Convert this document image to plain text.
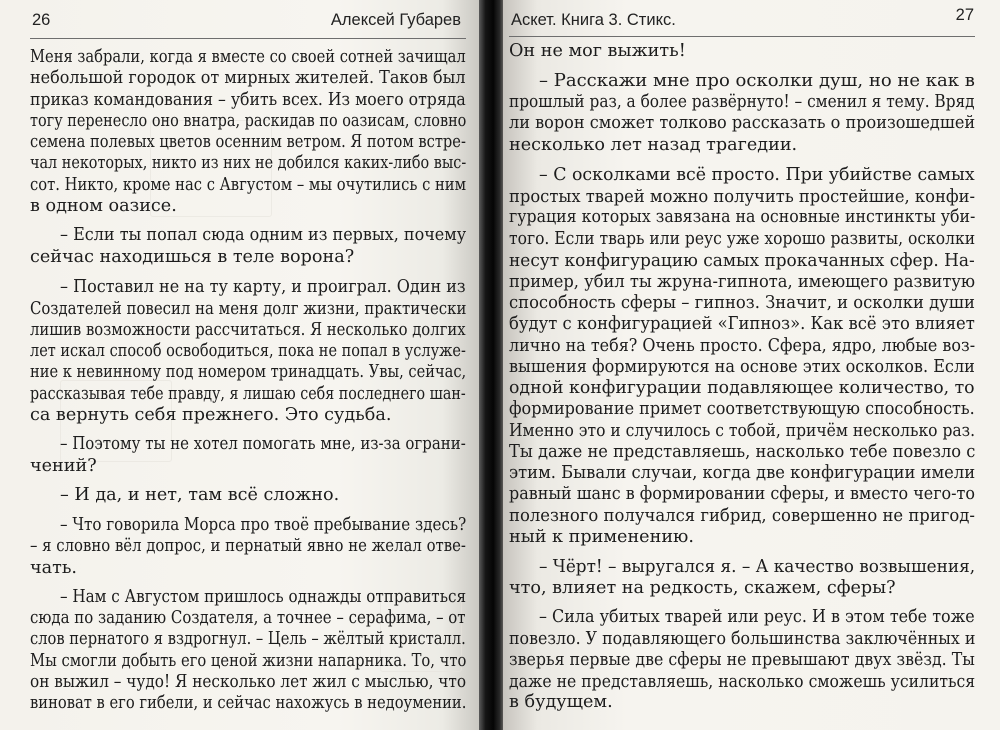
26	Алексей Губарев
Меня забрали, когда я вместе со своей сотней зачищал
небольшой городок от мирных жителей. Таков был
приказ командования – убить всех. Из моего отряда
тогу перенесло оно внатра, раскидав по оазисам, словно
семена полевых цветов осенним ветром. Я потом встре-
чал некоторых, никто из них не добился каких-либо выс-
сот. Никто, кроме нас с Августом – мы очутились с ним
в одном оазисе.
– Если ты попал сюда одним из первых, почему
сейчас находишься в теле ворона?
– Поставил не на ту карту, и проиграл. Один из
Создателей повесил на меня долг жизни, практически
лишив возможности рассчитаться. Я несколько долгих
лет искал способ освободиться, пока не попал в услуже-
ние к невинному под номером тринадцать. Увы, сейчас,
рассказывая тебе правду, я лишаю себя последнего шан-
са вернуть себя прежнего. Это судьба.
– Поэтому ты не хотел помогать мне, из-за ограни-
чений?
– И да, и нет, там всё сложно.
– Что говорила Морса про твоё пребывание здесь?
– я словно вёл допрос, и пернатый явно не желал отве-
чать.
– Нам с Августом пришлось однажды отправиться
сюда по заданию Создателя, а точнее – серафима, – от
слов пернатого я вздрогнул. – Цель – жёлтый кристалл.
Мы смогли добыть его ценой жизни напарника. То, что
он выжил – чудо! Я несколько лет жил с мыслью, что
виноват в его гибели, и сейчас нахожусь в недоумении.
Аскет. Книга 3. Стикс.	27
Он не мог выжить!
– Расскажи мне про осколки душ, но не как в
прошлый раз, а более развёрнуто! – сменил я тему. Вряд
ли ворон сможет толково рассказать о произошедшей
несколько лет назад трагедии.
– С осколками всё просто. При убийстве самых
простых тварей можно получить простейшие, конфи-
гурация которых завязана на основные инстинкты уби-
того. Если тварь или реус уже хорошо развиты, осколки
несут конфигурацию самых прокачанных сфер. На-
пример, убил ты жруна-гипнота, имеющего развитую
способность сферы – гипноз. Значит, и осколки души
будут с конфигурацией «Гипноз». Как всё это влияет
лично на тебя? Очень просто. Сфера, ядро, любые воз-
вышения формируются на основе этих осколков. Если
одной конфигурации подавляющее количество, то
формирование примет соответствующую способность.
Именно это и случилось с тобой, причём несколько раз.
Ты даже не представляешь, насколько тебе повезло с
этим. Бывали случаи, когда две конфигурации имели
равный шанс в формировании сферы, и вместо чего-то
полезного получался гибрид, совершенно не пригод-
ный к применению.
– Чёрт! – выругался я. – А качество возвышения,
что, влияет на редкость, скажем, сферы?
– Сила убитых тварей или реус. И в этом тебе тоже
повезло. У подавляющего большинства заключённых и
зверья первые две сферы не превышают двух звёзд. Ты
даже не представляешь, насколько сможешь усилиться
в будущем.
